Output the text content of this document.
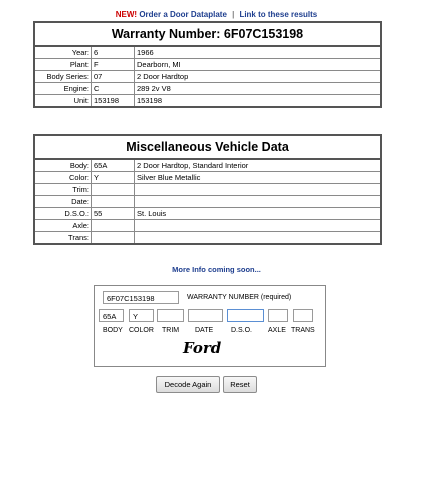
NEW! Order a Door Dataplate | Link to these results
Warranty Number: 6F07C153198		
Year:	6	1966
Plant:	F	Dearborn, MI
Body Series:	07	2 Door Hardtop
Engine:	C	289 2v V8
Unit:	153198	153198
Miscellaneous Vehicle Data		
Body:	65A	2 Door Hardtop, Standard Interior
Color:	Y	Silver Blue Metallic
Trim:		
Date:		
D.S.O.:	55	St. Louis
Axle:		
Trans:		
More Info coming soon...
6F07C153198	WARRANTY NUMBER (required)
65A	Y
BODY COLOR TRIM DATE	D.S.O. AXLE TRANS
Ford
Decode Again	Reset
